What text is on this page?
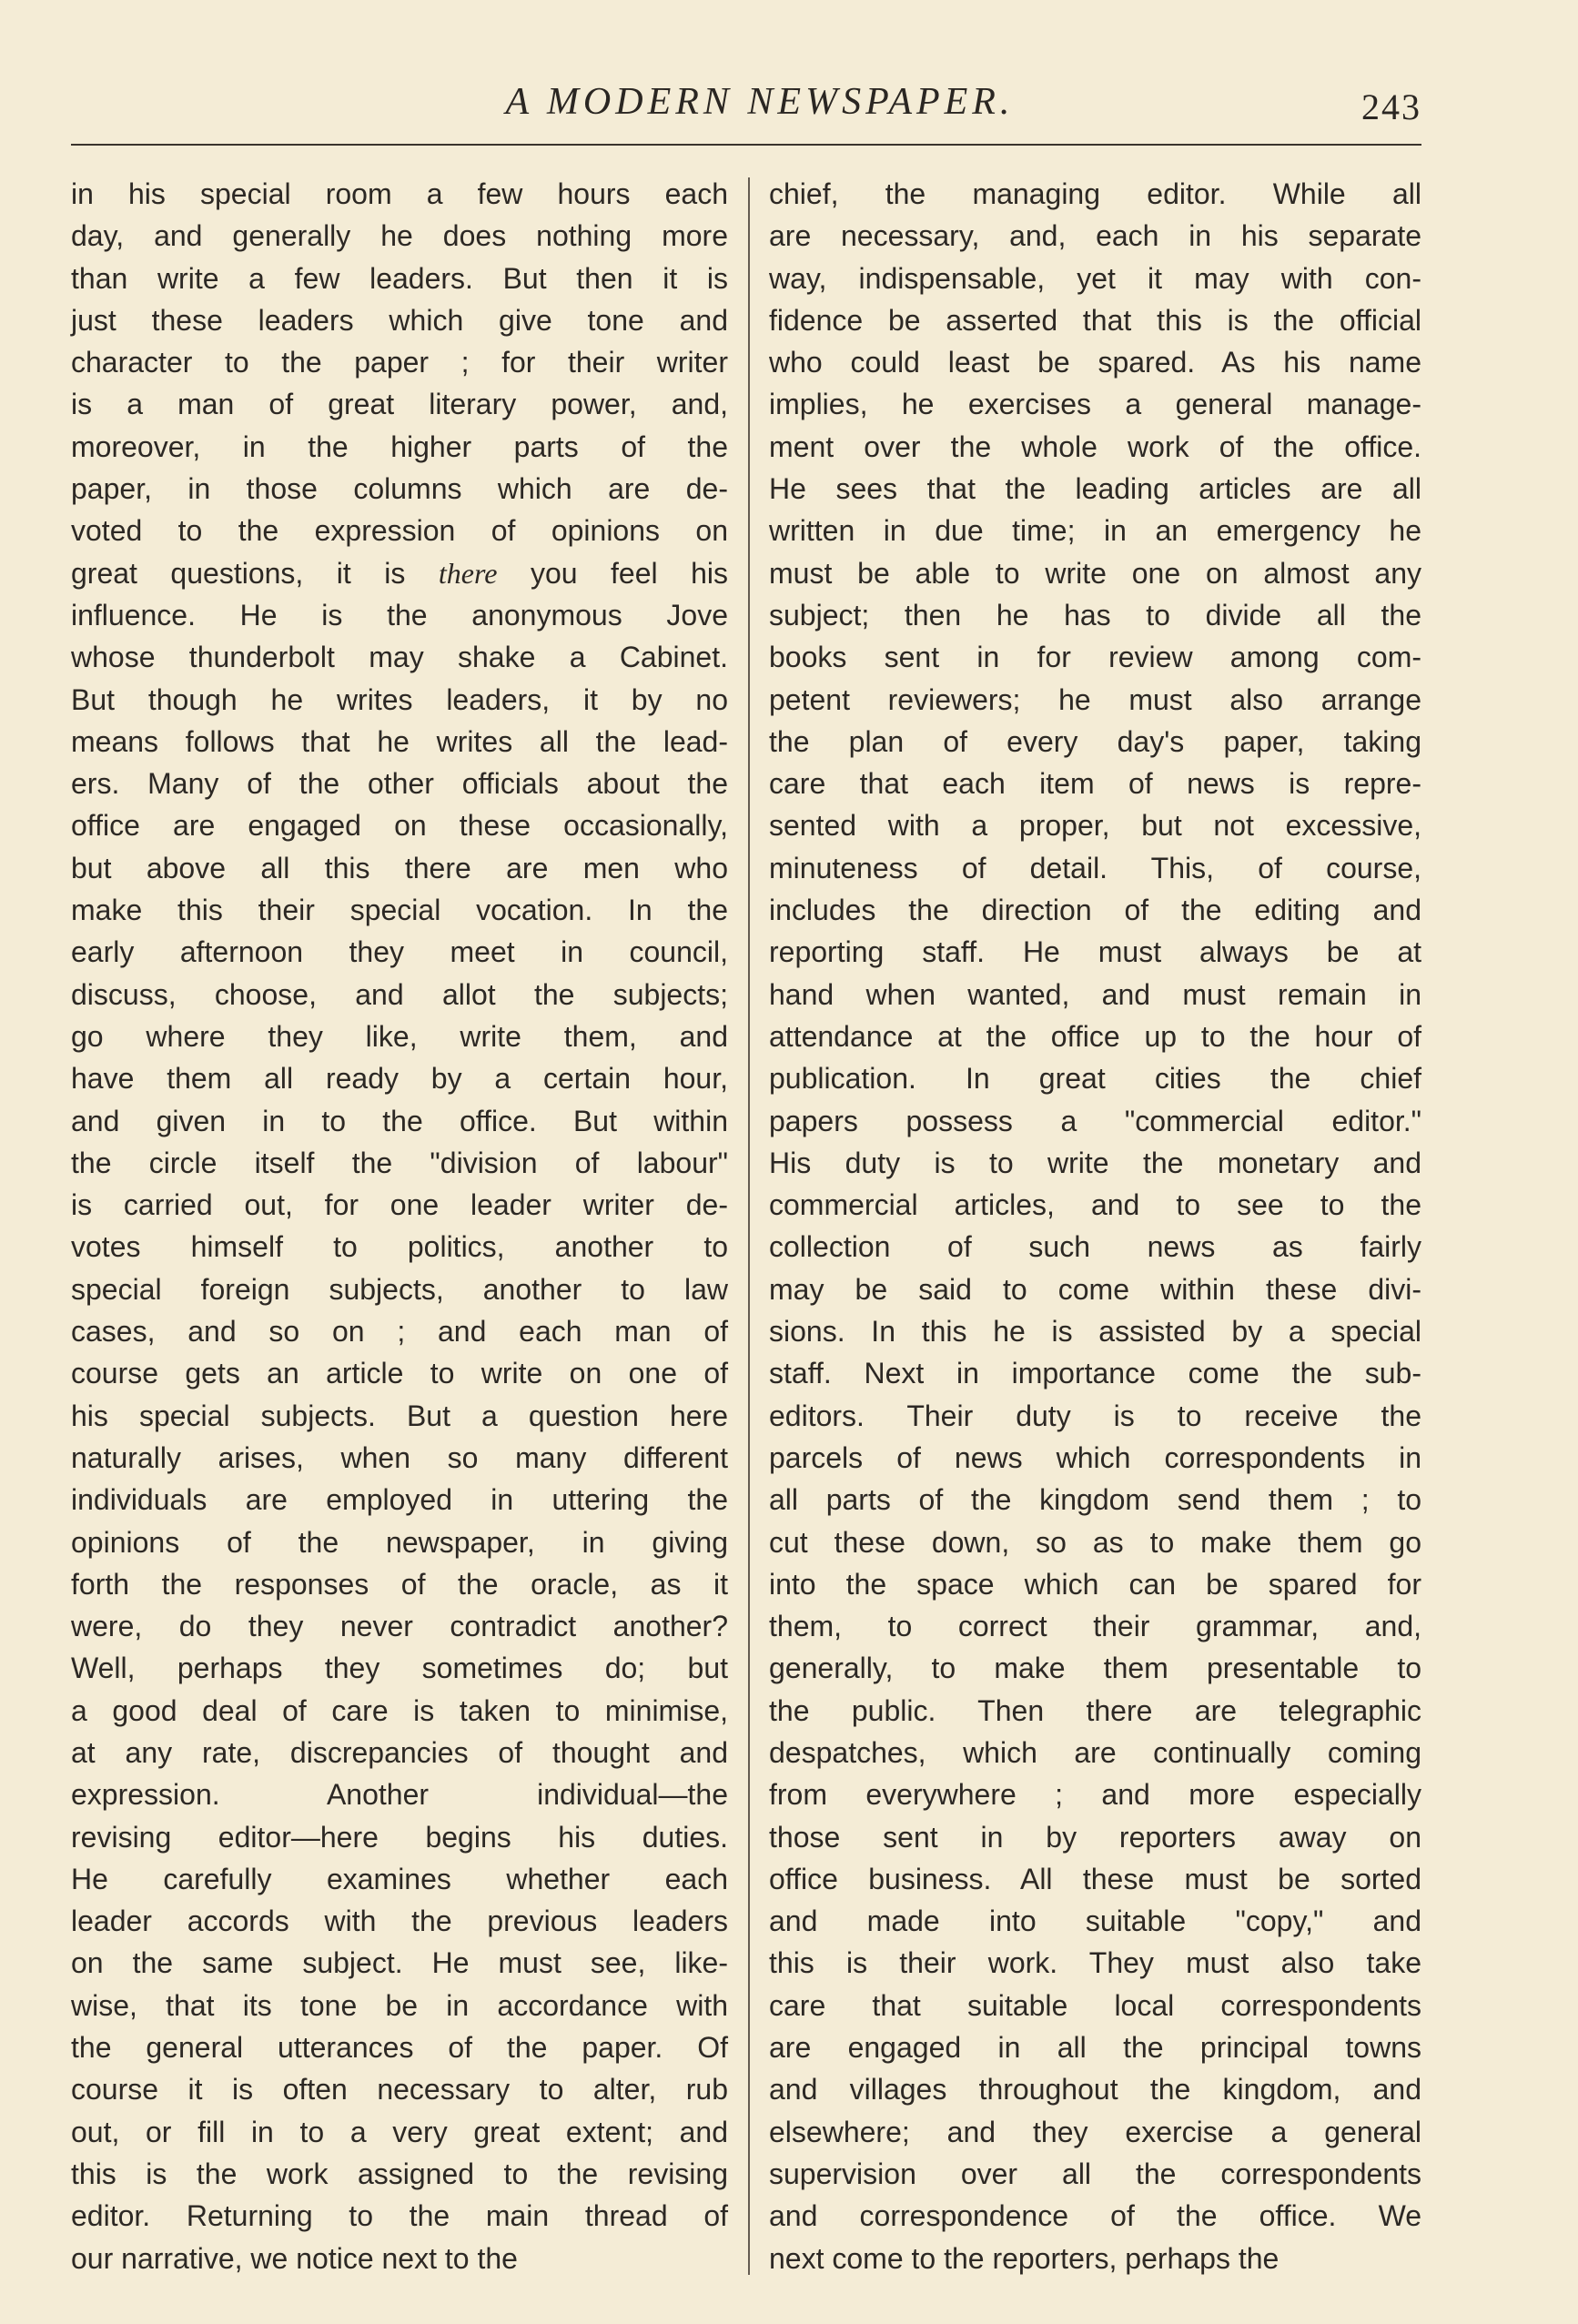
A MODERN NEWSPAPER.	243
in his special room a few hours each
day, and generally he does nothing more
than write a few leaders. But then it is
just these leaders which give tone and
character to the paper ; for their writer
is a man of great literary power, and,
moreover, in the higher parts of the
paper, in those columns which are de-
voted to the expression of opinions on
great questions, it is there you feel his
influence. He is the anonymous Jove
whose thunderbolt may shake a Cabinet.
But though he writes leaders, it by no
means follows that he writes all the lead-
ers. Many of the other officials about the
office are engaged on these occasionally,
but above all this there are men who
make this their special vocation. In the
early afternoon they meet in council,
discuss, choose, and allot the subjects;
go where they like, write them, and
have them all ready by a certain hour,
and given in to the office. But within
the circle itself the "division of labour"
is carried out, for one leader writer de-
votes himself to politics, another to
special foreign subjects, another to law
cases, and so on ; and each man of
course gets an article to write on one of
his special subjects. But a question here
naturally arises, when so many different
individuals are employed in uttering the
opinions of the newspaper, in giving
forth the responses of the oracle, as it
were, do they never contradict another?
Well, perhaps they sometimes do; but
a good deal of care is taken to minimise,
at any rate, discrepancies of thought and
expression. Another individual—the
revising editor—here begins his duties.
He carefully examines whether each
leader accords with the previous leaders
on the same subject. He must see, like-
wise, that its tone be in accordance with
the general utterances of the paper. Of
course it is often necessary to alter, rub
out, or fill in to a very great extent; and
this is the work assigned to the revising
editor. Returning to the main thread of
our narrative, we notice next to the
chief, the managing editor. While all
are necessary, and, each in his separate
way, indispensable, yet it may with con-
fidence be asserted that this is the official
who could least be spared. As his name
implies, he exercises a general manage-
ment over the whole work of the office.
He sees that the leading articles are all
written in due time; in an emergency he
must be able to write one on almost any
subject; then he has to divide all the
books sent in for review among com-
petent reviewers; he must also arrange
the plan of every day's paper, taking
care that each item of news is repre-
sented with a proper, but not excessive,
minuteness of detail. This, of course,
includes the direction of the editing and
reporting staff. He must always be at
hand when wanted, and must remain in
attendance at the office up to the hour of
publication. In great cities the chief
papers possess a "commercial editor."
His duty is to write the monetary and
commercial articles, and to see to the
collection of such news as fairly
may be said to come within these divi-
sions. In this he is assisted by a special
staff. Next in importance come the sub-
editors. Their duty is to receive the
parcels of news which correspondents in
all parts of the kingdom send them ; to
cut these down, so as to make them go
into the space which can be spared for
them, to correct their grammar, and,
generally, to make them presentable to
the public. Then there are telegraphic
despatches, which are continually coming
from everywhere ; and more especially
those sent in by reporters away on
office business. All these must be sorted
and made into suitable "copy," and
this is their work. They must also take
care that suitable local correspondents
are engaged in all the principal towns
and villages throughout the kingdom, and
elsewhere; and they exercise a general
supervision over all the correspondents
and correspondence of the office. We
next come to the reporters, perhaps the
